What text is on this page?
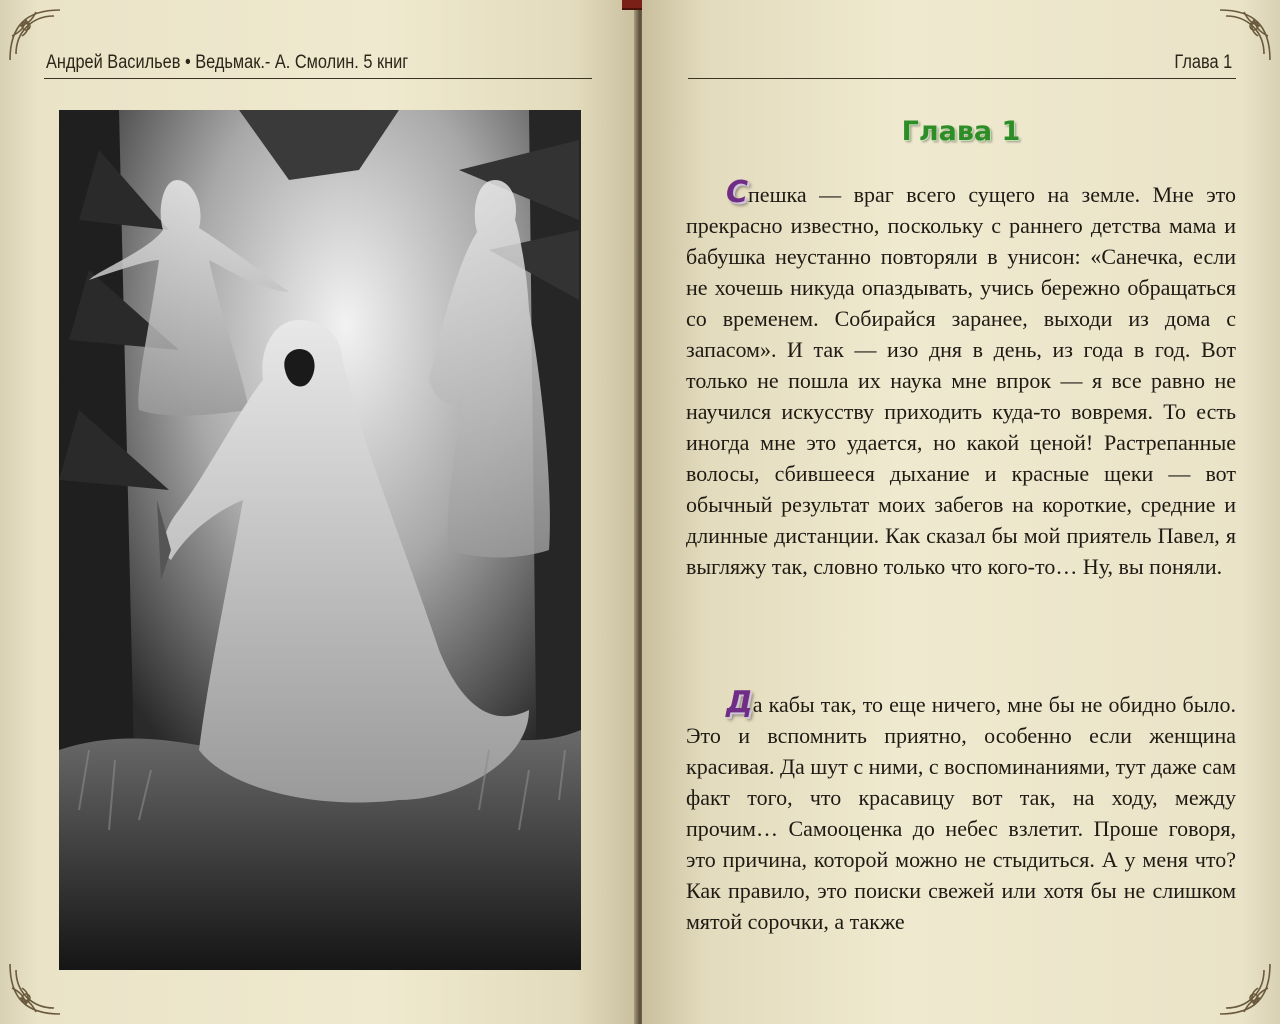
Андрей Васильев • Ведьмак.- А. Смолин. 5 книг	Глава 1
Глава 1
Спешка — враг всего сущего на земле. Мне это прекрасно известно, поскольку с раннего детства мама и бабушка неустанно повторяли в унисон: «Санечка, если не хочешь никуда опаздывать, учись бережно обращаться со временем. Собирайся заранее, выходи из дома с запасом». И так — изо дня в день, из года в год. Вот только не пошла их наука мне впрок — я все равно не научился искусству приходить куда-то вовремя. То есть иногда мне это удается, но какой ценой! Растрепанные волосы, сбившееся дыхание и красные щеки — вот обычный результат моих забегов на короткие, средние и длинные дистанции. Как сказал бы мой приятель Павел, я выгляжу так, словно только что кого-то… Ну, вы поняли.
Да кабы так, то еще ничего, мне бы не обидно было. Это и вспомнить приятно, особенно если женщина красивая. Да шут с ними, с воспоминаниями, тут даже сам факт того, что красавицу вот так, на ходу, между прочим… Самооценка до небес взлетит. Проше говоря, это причина, которой можно не стыдиться. А у меня что? Как правило, это поиски свежей или хотя бы не слишком мятой сорочки, а также
